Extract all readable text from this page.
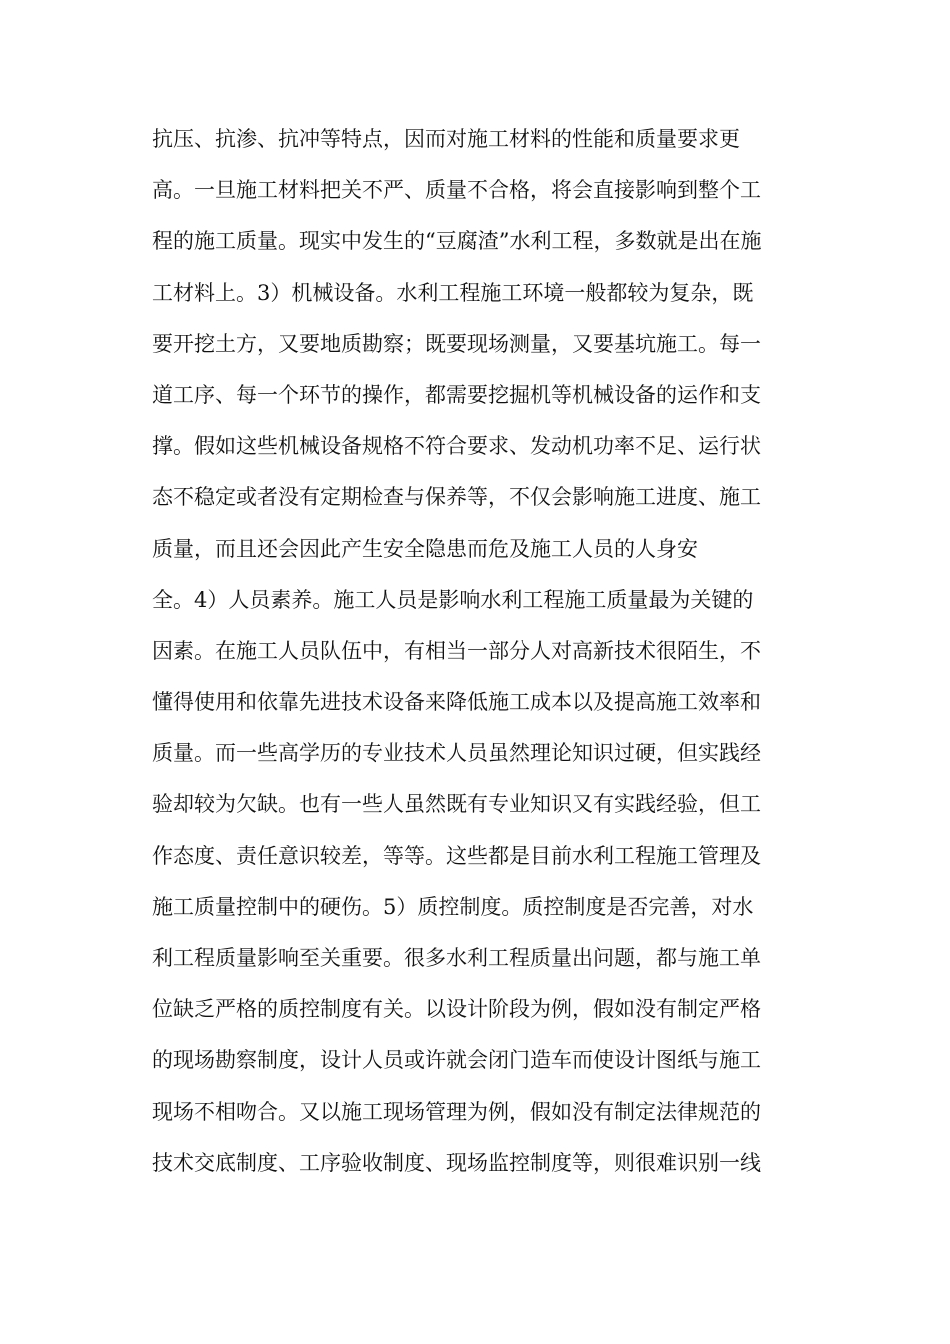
抗压、抗渗、抗冲等特点，因而对施工材料的性能和质量要求更
高。一旦施工材料把关不严、质量不合格，将会直接影响到整个工
程的施工质量。现实中发生的“豆腐渣”水利工程，多数就是出在施
工材料上。3）机械设备。水利工程施工环境一般都较为复杂，既
要开挖土方，又要地质勘察；既要现场测量，又要基坑施工。每一
道工序、每一个环节的操作，都需要挖掘机等机械设备的运作和支
撑。假如这些机械设备规格不符合要求、发动机功率不足、运行状
态不稳定或者没有定期检查与保养等，不仅会影响施工进度、施工
质量，而且还会因此产生安全隐患而危及施工人员的人身安
全。4）人员素养。施工人员是影响水利工程施工质量最为关键的
因素。在施工人员队伍中，有相当一部分人对高新技术很陌生，不
懂得使用和依靠先进技术设备来降低施工成本以及提高施工效率和
质量。而一些高学历的专业技术人员虽然理论知识过硬，但实践经
验却较为欠缺。也有一些人虽然既有专业知识又有实践经验，但工
作态度、责任意识较差，等等。这些都是目前水利工程施工管理及
施工质量控制中的硬伤。5）质控制度。质控制度是否完善，对水
利工程质量影响至关重要。很多水利工程质量出问题，都与施工单
位缺乏严格的质控制度有关。以设计阶段为例，假如没有制定严格
的现场勘察制度，设计人员或许就会闭门造车而使设计图纸与施工
现场不相吻合。又以施工现场管理为例，假如没有制定法律规范的
技术交底制度、工序验收制度、现场监控制度等，则很难识别一线
